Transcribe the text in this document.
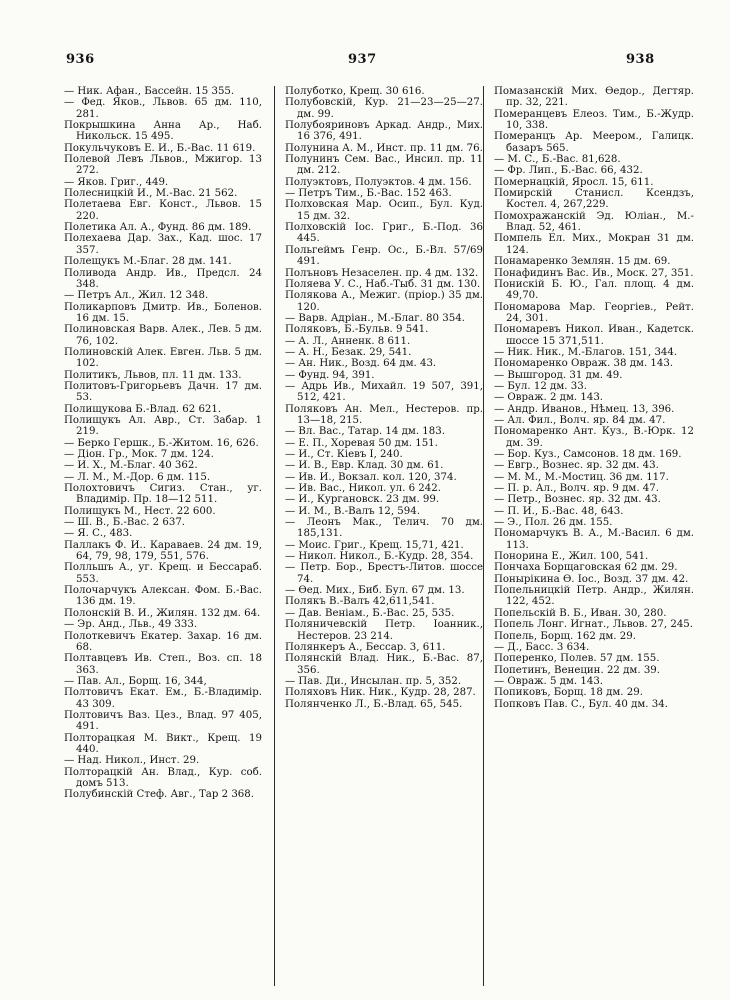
936	937	938
— Ник. Афан., Бассейн. 15 355.
— Фед. Яков., Львов. 65 дм. 110, 281.
Покрышкина Анна Ар., Наб. Никольск. 15 495.
Покульчуковъ Е. И., Б.-Вас. 11 619.
Полевой Левъ Львов., Мжигор. 13 272.
— Яков. Григ., 449.
Полесницкій И., М.-Вас. 21 562.
Полетаева Евг. Конст., Львов. 15 220.
Полетика Ал. А., Фунд. 86 дм. 189.
Полехаева Дар. Зах., Кад. шос. 17 357.
Полещукъ М.-Благ. 28 дм. 141.
Поливода Андр. Ив., Предсл. 24 348.
— Петръ Ал., Жил. 12 348.
Поликарповъ Дмитр. Ив., Боленов. 16 дм. 15.
Полиновская Варв. Алек., Лев. 5 дм. 76, 102.
Полиновскій Алек. Евген. Льв. 5 дм. 102.
Политикъ, Львов, пл. 11 дм. 133.
Политовъ-Григорьевъ Дачн. 17 дм. 53.
Полищукова Б.-Влад. 62 621.
Полищукъ Ал. Авр., Ст. Забар. 1 219.
— Берко Гершк., Б.-Житом. 16, 626.
— Діон. Гр., Мок. 7 дм. 124.
— И. Х., М.-Благ. 40 362.
— Л. М., М.-Дор. 6 дм. 115.
Полохтовичъ Сигиз. Стан., уг. Владимір. Пр. 18—12 511.
Полищукъ М., Нест. 22 600.
— Ш. В., Б.-Вас. 2 637.
— Я. С., 483.
Паллакъ Ф. И.. Караваев. 24 дм. 19, 64, 79, 98, 179, 551, 576.
Полльшъ А., уг. Крещ. и Бессараб. 553.
Полочарчукъ Алексан. Фом. Б.-Вас. 136 дм. 19.
Полонскій В. И., Жилян. 132 дм. 64.
— Эр. Анд., Льв., 49 333.
Полоткевичъ Екатер. Захар. 16 дм. 68.
Полтавцевъ Ив. Степ., Воз. сп. 18 363.
— Пав. Ал., Борщ. 16, 344,
Полтовичъ Екат. Ем., Б.-Владимір. 43 309.
Полтовичъ Ваз. Цез., Влад. 97 405, 491.
Полторацкая М. Викт., Крещ. 19 440.
— Над. Никол., Инст. 29.
Полторацкій Ан. Влад., Кур. соб. домъ 513.
Полубинскій Стеф. Авг., Тар 2 368.
Полуботко, Крещ. 30 616.
Полубовскій, Кур. 21—23—25—27. дм. 99.
Полубояриновъ Аркад. Андр., Мих. 16 376, 491.
Полунина А. М., Инст. пр. 11 дм. 76.
Полунинъ Сем. Вас., Инсил. пр. 11 дм. 212.
Полуэктовъ, Полуэктов. 4 дм. 156.
— Петръ Тим., Б.-Вас. 152 463.
Полховская Мар. Осип., Бул. Куд. 15 дм. 32.
Полховскій Іос. Григ., Б.-Под. 36 445.
Польгеймъ Генр. Ос., Б.-Вл. 57/69 491.
Полъновъ Незаселен. пр. 4 дм. 132.
Поляева У. С., Наб.-Тыб. 31 дм. 130.
Полякова А., Межиг. (пріор.) 35 дм. 120.
— Варв. Адріан., М.-Благ. 80 354.
Поляковъ, Б.-Бульв. 9 541.
— А. Л., Анненк. 8 611.
— А. Н., Безак. 29, 541.
— Ан. Ник., Возд. 64 дм. 43.
— Фунд. 94, 391.
— Адрь Ив., Михайл. 19 507, 391, 512, 421.
Поляковъ Ан. Мел., Нестеров. пр. 13—18, 215.
— Вл. Вас., Татар. 14 дм. 183.
— Е. П., Хоревая 50 дм. 151.
— И., Ст. Кіевъ I, 240.
— И. В., Евр. Клад. 30 дм. 61.
— Ив. И., Вокзал. кол. 120, 374.
— Ив. Вас., Никол. ул. 6 242.
— И., Кургановск. 23 дм. 99.
— И. М., В.-Валъ 12, 594.
— Леонъ Мак., Телич. 70 дм. 185,131.
— Моис. Григ., Крещ. 15,71, 421.
— Никол. Никол., Б.-Кудр. 28, 354.
— Петр. Бор., Брестъ-Литов. шоссе 74.
— Өед. Мих., Биб. Бул. 67 дм. 13.
Полякъ В.-Валъ 42,611,541.
— Дав. Веніам., Б.-Вас. 25, 535.
Поляничевскій Петр. Іоанник., Нестеров. 23 214.
Полянкеръ А., Бессар. 3, 611.
Полянскій Влад. Ник., Б.-Вас. 87, 356.
— Пав. Ди., Инсылан. пр. 5, 352.
Поляховъ Ник. Ник., Кудр. 28, 287.
Полянченко Л., Б.-Влад. 65, 545.
Помазанскій Мих. Өедор., Дегтяр. пр. 32, 221.
Померанцевъ Елеоз. Тим., Б.-Жудр. 10, 338.
Померанцъ Ар. Меером., Галицк. базаръ 565.
— М. С., Б.-Вас. 81,628.
— Фр. Лип., Б.-Вас. 66, 432.
Помернацкій, Яросл. 15, 611.
Помирскій Станисл. Ксендзъ, Костел. 4, 267,229.
Помохражанскій Эд. Юліан., М.-Влад. 52, 461.
Помпель Ел. Мих., Мокран 31 дм. 124.
Понамаренко Землян. 15 дм. 69.
Понафидинъ Вас. Ив., Моск. 27, 351.
Понискій Б. Ю., Гал. площ. 4 дм. 49,70.
Пономарова Мар. Георгіев., Рейт. 24, 301.
Пономаревъ Никол. Иван., Кадетск. шоссе 15 371,511.
— Ник. Ник., М.-Благов. 151, 344.
Пономаренко Овраж. 38 дм. 143.
— Вышгород. 31 дм. 49.
— Бул. 12 дм. 33.
— Овраж. 2 дм. 143.
— Андр. Иванов., Нѣмец. 13, 396.
— Ал. Фил., Волч. яр. 84 дм. 47.
Пономаренко Ант. Куз., В.-Юрк. 12 дм. 39.
— Бор. Куз., Самсонов. 18 дм. 169.
— Евгр., Вознес. яр. 32 дм. 43.
— М. М., М.-Мостиц. 36 дм. 117.
— П. р. Ал., Волч. яр. 9 дм. 47.
— Петр., Вознес. яр. 32 дм. 43.
— П. И., Б.-Вас. 48, 643.
— Э., Пол. 26 дм. 155.
Пономарчукъ В. А., М.-Васил. 6 дм. 113.
Понорина Е., Жил. 100, 541.
Пончаха Борщаговская 62 дм. 29.
Понырікина Ө. Іос., Возд. 37 дм. 42.
Попельницкій Петр. Андр., Жилян. 122, 452.
Попельскій В. Б., Иван. 30, 280.
Попель Лонг. Игнат., Львов. 27, 245.
Попель, Борщ. 162 дм. 29.
— Д., Басс. 3 634.
Поперенко, Полев. 57 дм. 155.
Попетинъ, Венецин. 22 дм. 39.
— Овраж. 5 дм. 143.
Попиковъ, Борщ. 18 дм. 29.
Попковъ Пав. С., Бул. 40 дм. 34.
